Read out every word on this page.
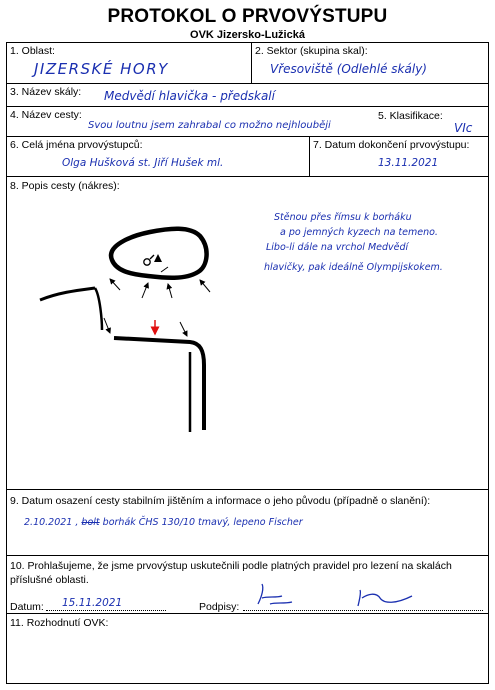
PROTOKOL O PRVOVÝSTUPU
OVK Jizersko-Lužická
1. Oblast:
JIZERSKÉ HORY
2. Sektor (skupina skal):
Vřesoviště (Odlehlé skály)
3. Název skály: Medvědí hlavička - předskalí
4. Název cesty:
Svou loutnu jsem zahrabal co možno nejhlouběji
5. Klasifikace:
VIc
6. Celá jména prvovýstupců:
Olga Hušková st. Jiří Hušek ml.
7. Datum dokončení prvovýstupu:
13.11.2021
8. Popis cesty (nákres):
Stěnou přes římsu k borháku
a po jemných kyzech na temeno.
Libo-li dále na vrchol Medvědí
hlavičky, pak ideálně Olympijskokem.
9. Datum osazení cesty stabilním jištěním a informace o jeho původu (případně o slanění):
2.10.2021 , bolt borhák ČHS 130/10 tmavý, lepeno Fischer
10. Prohlašujeme, že jsme prvovýstup uskutečnili podle platných pravidel pro lezení na skalách
příslušné oblasti.
Datum: 15.11.2021	Podpisy:
11. Rozhodnutí OVK:
